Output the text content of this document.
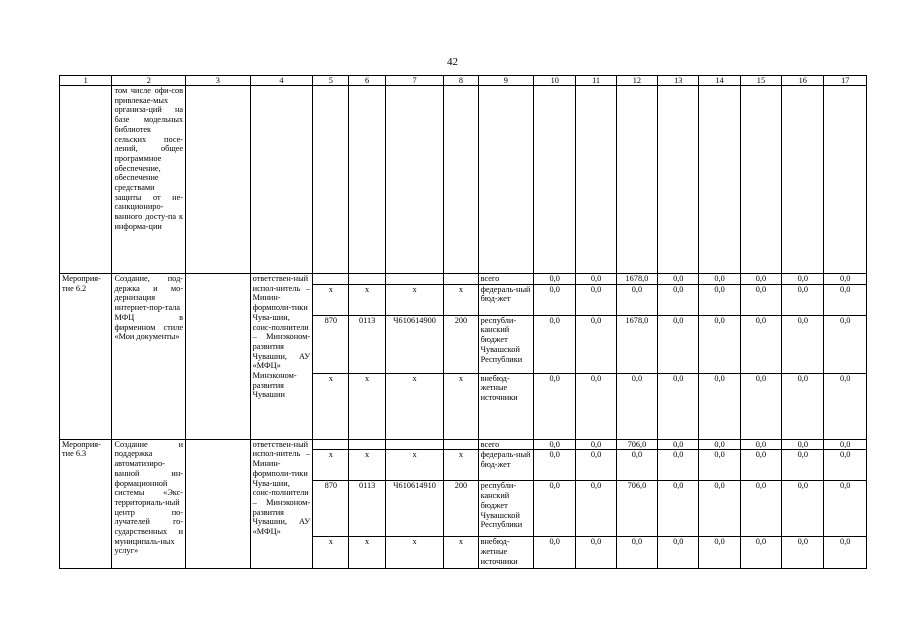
42
1	2	3	4	5	6	7	8	9	10	11	12	13	14	15	16	17
	том числе офи-сов привлекае-мых организа-ций на базе модельных библиотек сельских посе-лений, общее программное обеспечение, обеспечение средствами защиты от не-санкциониро-ванного досту-па к информа-ции															
Мероприя-тие 6.2	Создание, под-держка и мо-дернизация интернет-пор-тала МФЦ в фирменном стиле «Мои документы»		ответствен-ный испол-нитель – Минин-формполи-тики Чува-шии, соис-полнители – Минэконом-развития Чувашии, АУ «МФЦ» Минэконом-развития Чувашии					всего	0,0	0,0	1678,0	0,0	0,0	0,0	0,0	0,0
				x	x	x	x	федераль-ный бюд-жет	0,0	0,0	0,0	0,0	0,0	0,0	0,0	0,0
				870	0113	Ч610614900	200	республи-канский бюджет Чувашской Республики	0,0	0,0	1678,0	0,0	0,0	0,0	0,0	0,0
				x	x	x	x	внебюд-жетные источники	0,0	0,0	0,0	0,0	0,0	0,0	0,0	0,0
Мероприя-тие 6.3	Создание и поддержка автоматизиро-ванной ин-формационной системы «Экс-территориаль-ный центр по-лучателей го-сударственных и муниципаль-ных услуг»		ответствен-ный испол-нитель – Минин-формполи-тики Чува-шии, соис-полнители – Минэконом-развития Чувашии, АУ «МФЦ»					всего	0,0	0,0	706,0	0,0	0,0	0,0	0,0	0,0
				x	x	x	x	федераль-ный бюд-жет	0,0	0,0	0,0	0,0	0,0	0,0	0,0	0,0
				870	0113	Ч610614910	200	республи-канский бюджет Чувашской Республики	0,0	0,0	706,0	0,0	0,0	0,0	0,0	0,0
				x	x	x	x	внебюд-жетные источники	0,0	0,0	0,0	0,0	0,0	0,0	0,0	0,0
